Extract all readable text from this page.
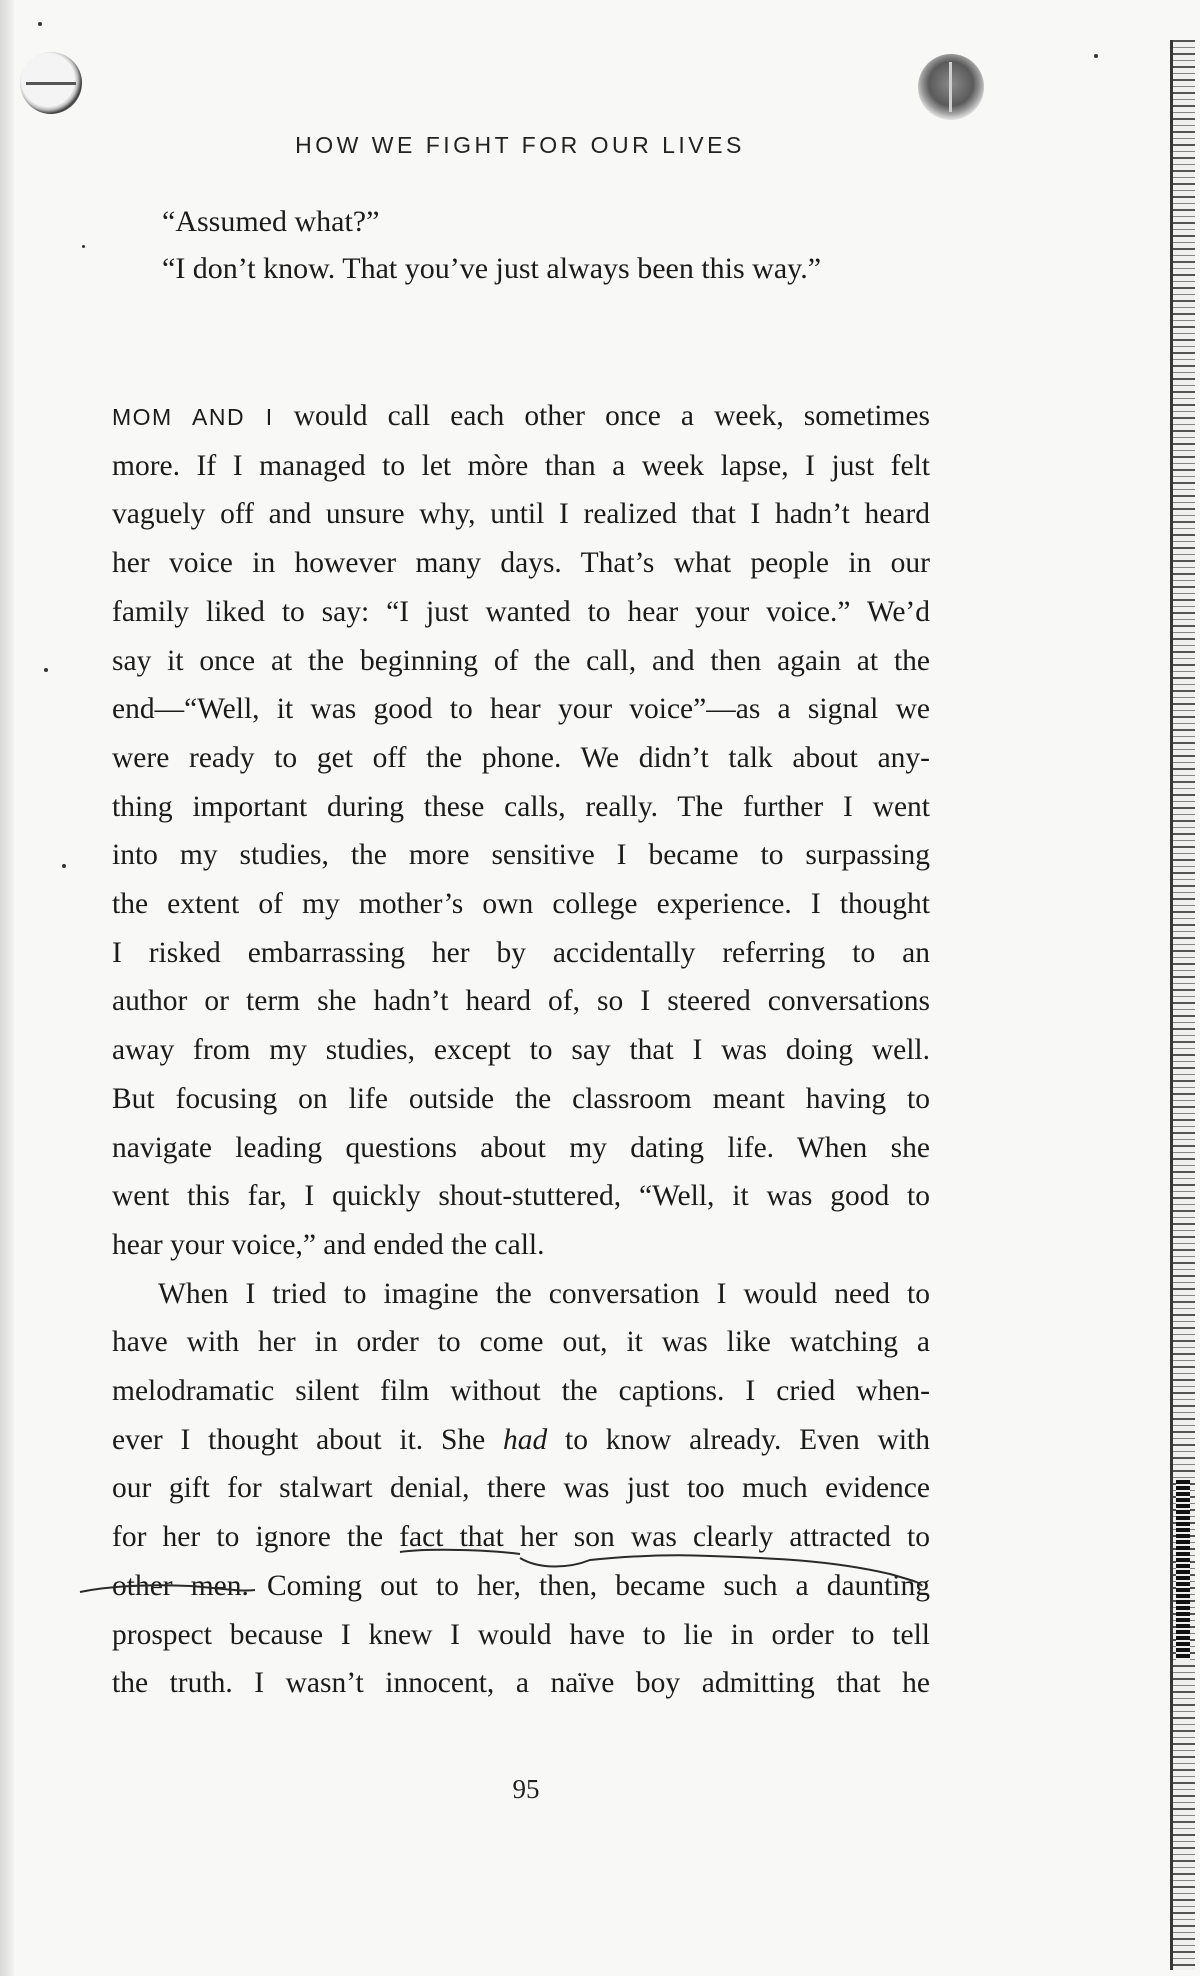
HOW WE FIGHT FOR OUR LIVES
“Assumed what?”
“I don’t know. That you’ve just always been this way.”

MOM AND I would call each other once a week, sometimes
more. If I managed to let mòre than a week lapse, I just felt
vaguely off and unsure why, until I realized that I hadn’t heard
her voice in however many days. That’s what people in our
family liked to say: “I just wanted to hear your voice.” We’d
say it once at the beginning of the call, and then again at the
end—“Well, it was good to hear your voice”—as a signal we
were ready to get off the phone. We didn’t talk about any-
thing important during these calls, really. The further I went
into my studies, the more sensitive I became to surpassing
the extent of my mother’s own college experience. I thought
I risked embarrassing her by accidentally referring to an
author or term she hadn’t heard of, so I steered conversations
away from my studies, except to say that I was doing well.
But focusing on life outside the classroom meant having to
navigate leading questions about my dating life. When she
went this far, I quickly shout-stuttered, “Well, it was good to
hear your voice,” and ended the call.

When I tried to imagine the conversation I would need to
have with her in order to come out, it was like watching a
melodramatic silent film without the captions. I cried when-
ever I thought about it. She had to know already. Even with
our gift for stalwart denial, there was just too much evidence
for her to ignore the fact that her son was clearly attracted to
other men. Coming out to her, then, became such a daunting
prospect because I knew I would have to lie in order to tell
the truth. I wasn’t innocent, a naïve boy admitting that he

95
